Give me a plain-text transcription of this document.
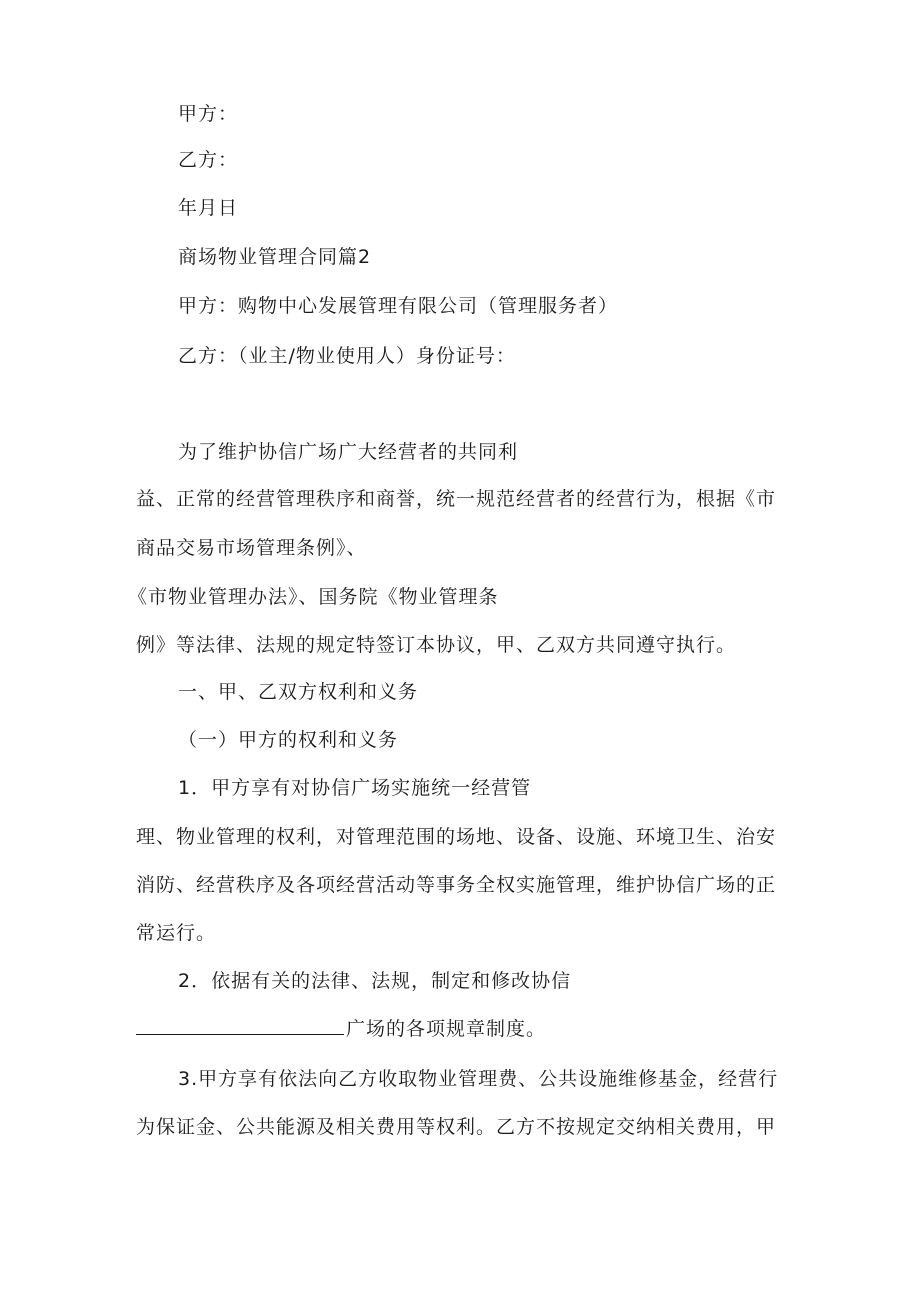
甲方：
乙方：
年月日
商场物业管理合同篇2
甲方：购物中心发展管理有限公司（管理服务者）
乙方：（业主/物业使用人）身份证号：
为了维护协信广场广大经营者的共同利
益、正常的经营管理秩序和商誉，统一规范经营者的经营行为，根据《市
商品交易市场管理条例》、
《市物业管理办法》、国务院《物业管理条
例》等法律、法规的规定特签订本协议，甲、乙双方共同遵守执行。
一、甲、乙双方权利和义务
（一）甲方的权利和义务
1．甲方享有对协信广场实施统一经营管
理、物业管理的权利，对管理范围的场地、设备、设施、环境卫生、治安
消防、经营秩序及各项经营活动等事务全权实施管理，维护协信广场的正
常运行。
2．依据有关的法律、法规，制定和修改协信
广场的各项规章制度。
3.甲方享有依法向乙方收取物业管理费、公共设施维修基金，经营行
为保证金、公共能源及相关费用等权利。乙方不按规定交纳相关费用，甲
